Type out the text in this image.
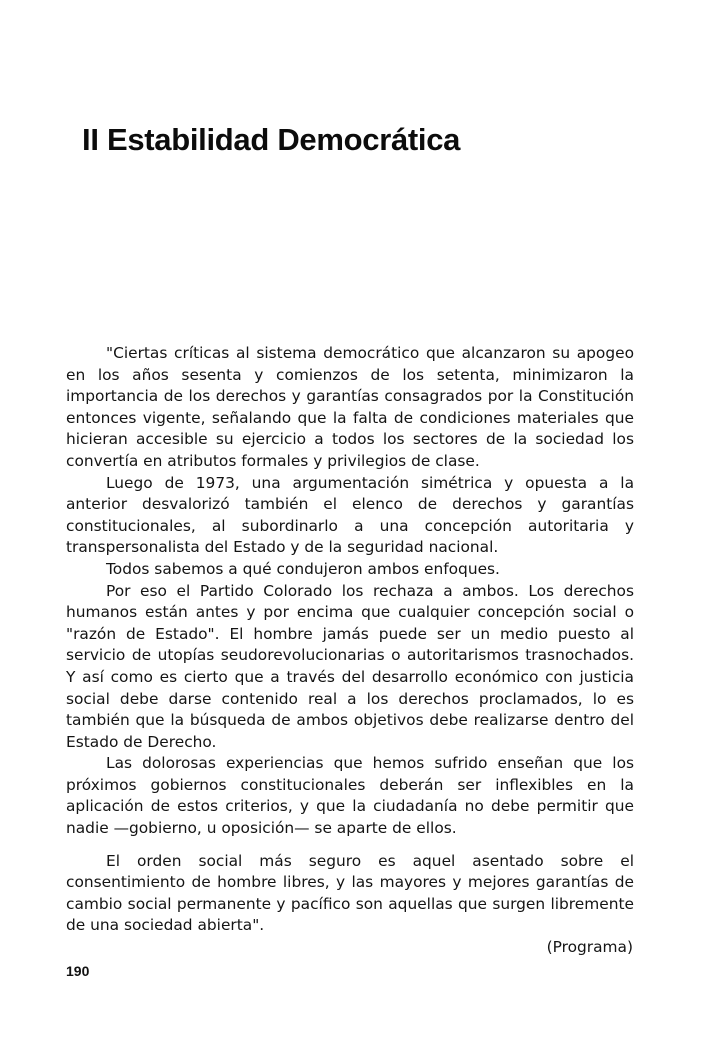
II Estabilidad Democrática

"Ciertas críticas al sistema democrático que alcanzaron su apogeo en los años sesenta y comienzos de los setenta, minimizaron la importancia de los derechos y garantías consagrados por la Constitución entonces vigente, señalando que la falta de condiciones materiales que hicieran accesible su ejercicio a todos los sectores de la sociedad los convertía en atributos formales y privilegios de clase.

Luego de 1973, una argumentación simétrica y opuesta a la anterior desvalorizó también el elenco de derechos y garantías constitucionales, al subordinarlo a una concepción autoritaria y transpersonalista del Estado y de la seguridad nacional.

Todos sabemos a qué condujeron ambos enfoques.

Por eso el Partido Colorado los rechaza a ambos. Los derechos humanos están antes y por encima que cualquier concepción social o "razón de Estado". El hombre jamás puede ser un medio puesto al servicio de utopías seudorevolucionarias o autoritarismos trasnochados. Y así como es cierto que a través del desarrollo económico con justicia social debe darse contenido real a los derechos proclamados, lo es también que la búsqueda de ambos objetivos debe realizarse dentro del Estado de Derecho.

Las dolorosas experiencias que hemos sufrido enseñan que los próximos gobiernos constitucionales deberán ser inflexibles en la aplicación de estos criterios, y que la ciudadanía no debe permitir que nadie —gobierno, u oposición— se aparte de ellos.

El orden social más seguro es aquel asentado sobre el consentimiento de hombre libres, y las mayores y mejores garantías de cambio social permanente y pacífico son aquellas que surgen libremente de una sociedad abierta".

(Programa)
190
